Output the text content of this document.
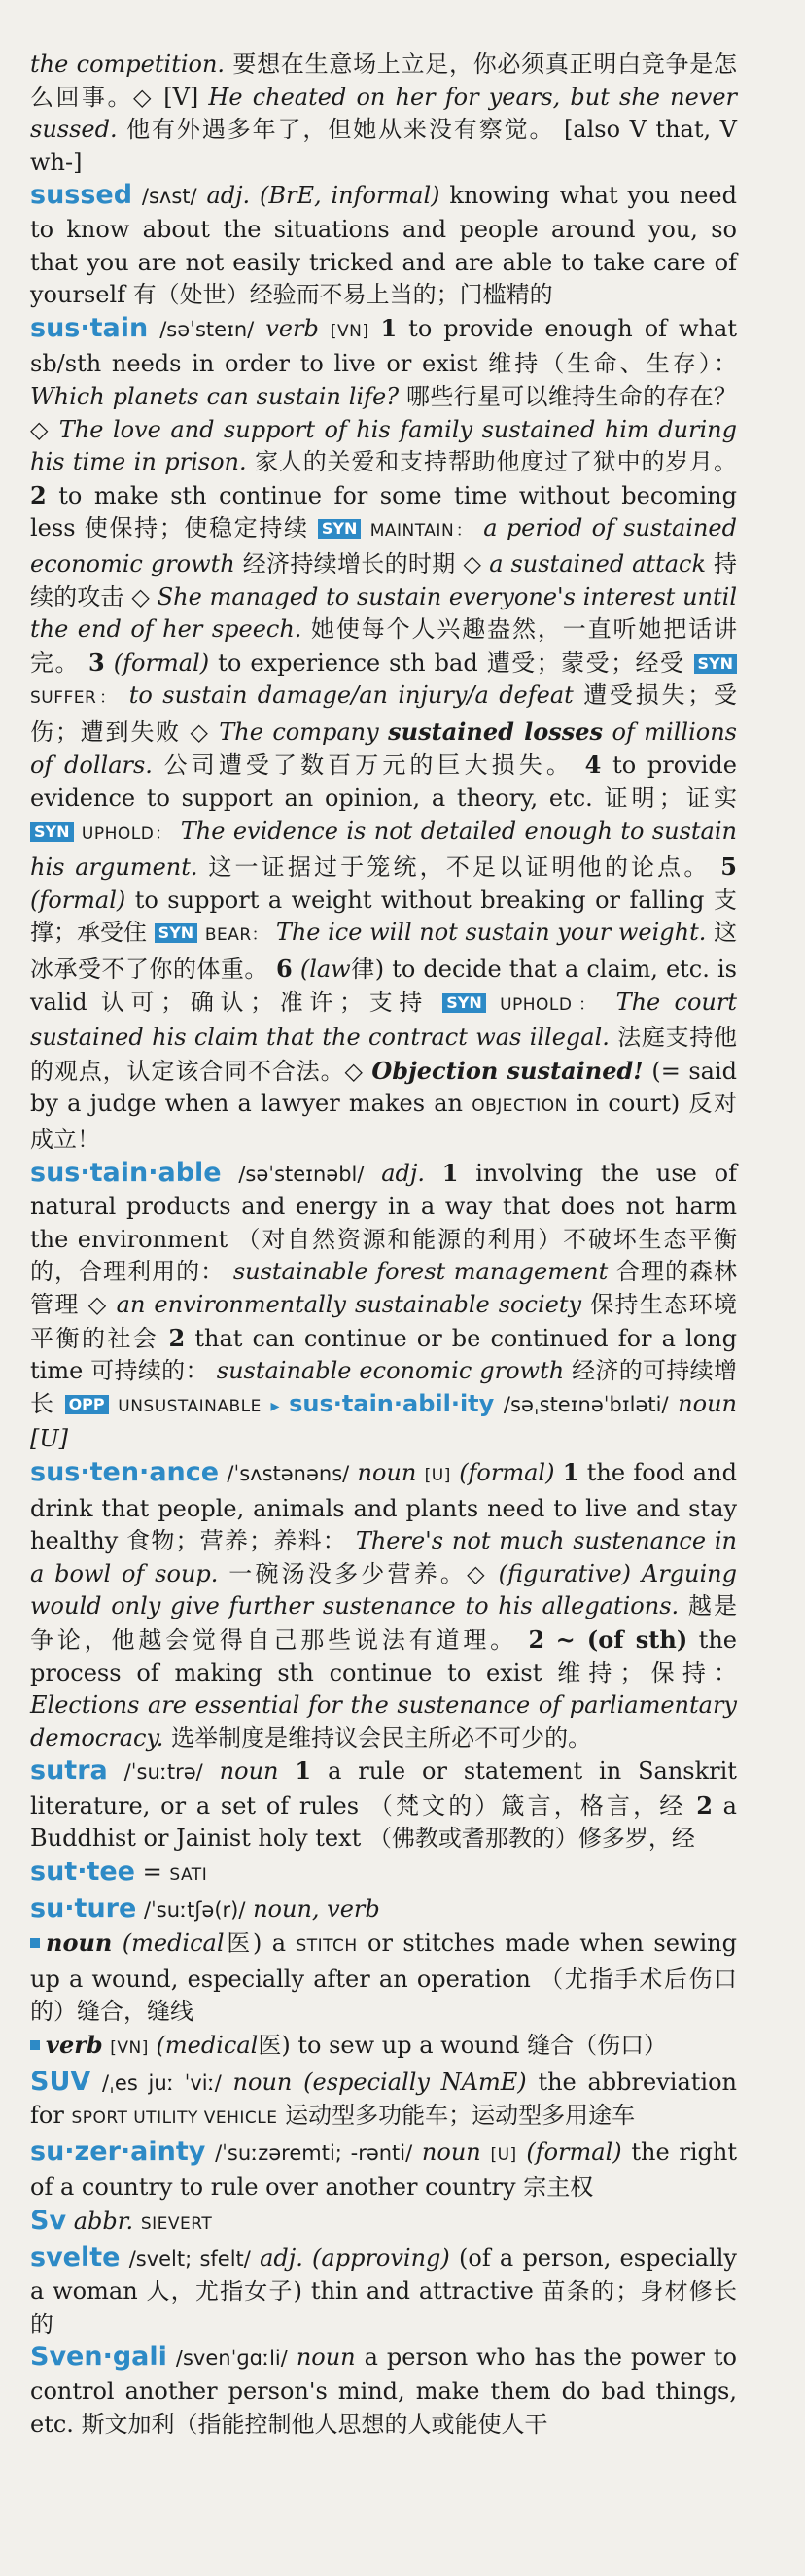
the competition. 要想在生意场上立足，你必须真正明白竞争是怎么回事。◇ [V] He cheated on her for years, but she never sussed. 他有外遇多年了，但她从来没有察觉。 [also V that, V wh-]

sussed /sʌst/ adj. (BrE, informal) knowing what you need to know about the situations and people around you, so that you are not easily tricked and are able to take care of yourself 有（处世）经验而不易上当的；门槛精的

sus·tain /səˈsteɪn/ verb [VN] 1 to provide enough of what sb/sth needs in order to live or exist 维持（生命、生存）： Which planets can sustain life? 哪些行星可以维持生命的存在？◇ The love and support of his family sustained him during his time in prison. 家人的关爱和支持帮助他度过了狱中的岁月。 2 to make sth continue for some time without becoming less 使保持；使稳定持续 SYN MAINTAIN： a period of sustained economic growth 经济持续增长的时期 ◇ a sustained attack 持续的攻击 ◇ She managed to sustain everyone's interest until the end of her speech. 她使每个人兴趣盎然，一直听她把话讲完。 3 (formal) to experience sth bad 遭受；蒙受；经受 SYN SUFFER： to sustain damage/an injury/a defeat 遭受损失；受伤；遭到失败 ◇ The company sustained losses of millions of dollars. 公司遭受了数百万元的巨大损失。 4 to provide evidence to support an opinion, a theory, etc. 证明；证实 SYN UPHOLD： The evidence is not detailed enough to sustain his argument. 这一证据过于笼统，不足以证明他的论点。 5 (formal) to support a weight without breaking or falling 支撑；承受住 SYN BEAR： The ice will not sustain your weight. 这冰承受不了你的体重。 6 (law律) to decide that a claim, etc. is valid 认可；确认；准许；支持 SYN UPHOLD： The court sustained his claim that the contract was illegal. 法庭支持他的观点，认定该合同不合法。◇ Objection sustained! (= said by a judge when a lawyer makes an OBJECTION in court) 反对成立！

sus·tain·able /səˈsteɪnəbl/ adj. 1 involving the use of natural products and energy in a way that does not harm the environment （对自然资源和能源的利用）不破坏生态平衡的，合理利用的： sustainable forest management 合理的森林管理 ◇ an environmentally sustainable society 保持生态环境平衡的社会 2 that can continue or be continued for a long time 可持续的： sustainable economic growth 经济的可持续增长 OPP UNSUSTAINABLE ▸ sus·tain·abil·ity /səˌsteɪnəˈbɪləti/ noun [U]

sus·ten·ance /ˈsʌstənəns/ noun [U] (formal) 1 the food and drink that people, animals and plants need to live and stay healthy 食物；营养；养料： There's not much sustenance in a bowl of soup. 一碗汤没多少营养。◇ (figurative) Arguing would only give further sustenance to his allegations. 越是争论，他越会觉得自己那些说法有道理。 2 ~ (of sth) the process of making sth continue to exist 维持；保持： Elections are essential for the sustenance of parliamentary democracy. 选举制度是维持议会民主所必不可少的。

sutra /ˈsuːtrə/ noun 1 a rule or statement in Sanskrit literature, or a set of rules （梵文的）箴言，格言，经 2 a Buddhist or Jainist holy text （佛教或耆那教的）修多罗，经

sut·tee = SATI

su·ture /ˈsuːtʃə(r)/ noun, verb
noun (medical医) a STITCH or stitches made when sewing up a wound, especially after an operation （尤指手术后伤口的）缝合，缝线
verb [VN] (medical医) to sew up a wound 缝合（伤口）

SUV /ˌes juː ˈviː/ noun (especially NAmE) the abbreviation for SPORT UTILITY VEHICLE 运动型多功能车；运动型多用途车

su·zer·ainty /ˈsuːzəremti; -rənti/ noun [U] (formal) the right of a country to rule over another country 宗主权

Sv abbr. SIEVERT

svelte /svelt; sfelt/ adj. (approving) (of a person, especially a woman 人，尤指女子) thin and attractive 苗条的；身材修长的

Sven·gali /svenˈɡɑːli/ noun a person who has the power to control another person's mind, make them do bad things, etc. 斯文加利（指能控制他人思想的人或能使人干
